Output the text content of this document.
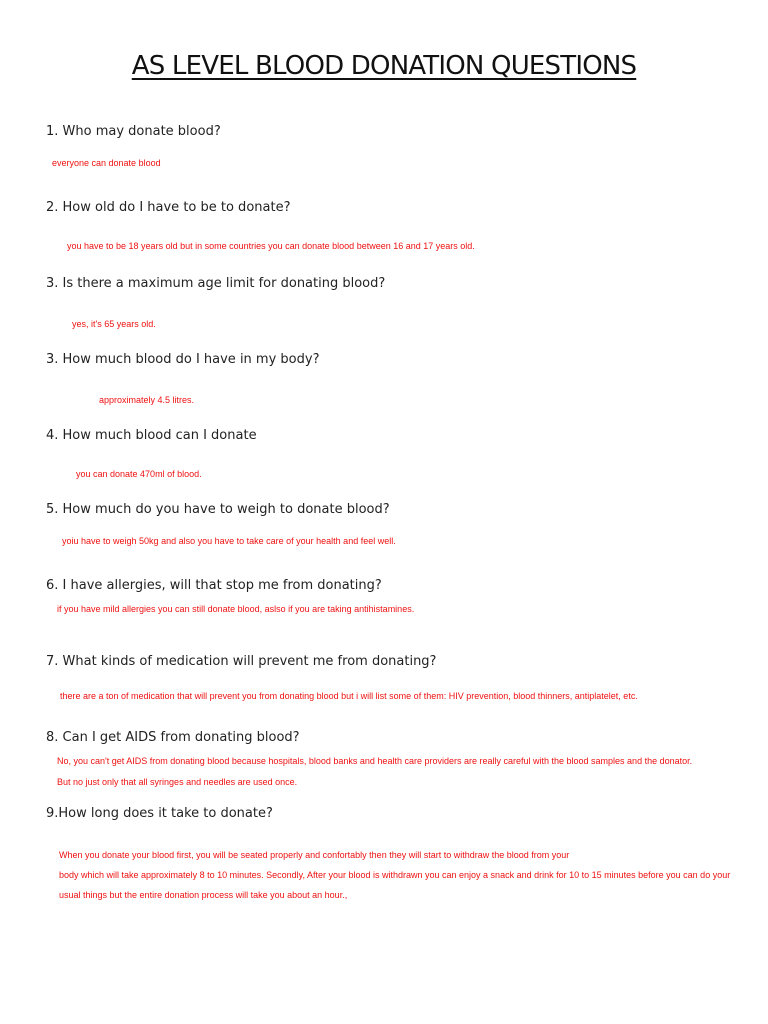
AS LEVEL BLOOD DONATION QUESTIONS

1. Who may donate blood?

everyone can donate blood

2. How old do I have to be to donate?

you have to be 18 years old but in some countries you can donate blood between 16 and 17 years old.

3. Is there a maximum age limit for donating blood?

yes, it's 65 years old.

3. How much blood do I have in my body?

approximately 4.5 litres.

4. How much blood can I donate

you can donate 470ml of blood.

5. How much do you have to weigh to donate blood?

yoiu have to weigh 50kg and also you have to take care of your health and feel well.

6. I have allergies, will that stop me from donating?

if you have mild allergies you can still donate blood, aslso if you are taking antihistamines.

7. What kinds of medication will prevent me from donating?

there are a ton of medication that will prevent you from donating blood but i will list some of them: HIV prevention, blood thinners, antiplatelet, etc.

8. Can I get AIDS from donating blood?

No, you can't get AIDS from donating blood because hospitals, blood banks and health care providers are really careful with the blood samples and the donator.

But no just only that all syringes and needles are used once.

9.How long does it take to donate?

When you donate your blood first, you will be seated properly and confortably then they will start to withdraw the blood from your

body which will take approximately 8 to 10 minutes. Secondly, After your blood is withdrawn you can enjoy a snack and drink for 10 to 15 minutes before you can do your

usual things but the entire donation process will take you about an hour.,
